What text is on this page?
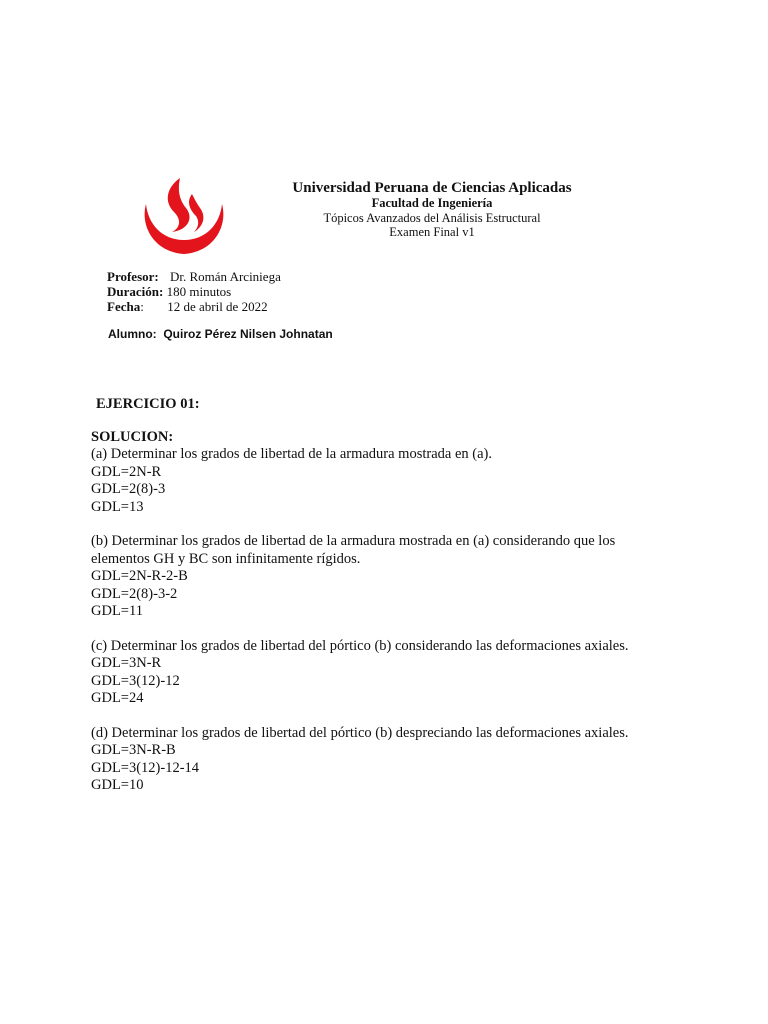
Universidad Peruana de Ciencias Aplicadas
Facultad de Ingeniería
Tópicos Avanzados del Análisis Estructural
Examen Final v1
Profesor: Dr. Román Arciniega
Duración: 180 minutos
Fecha: 12 de abril de 2022
Alumno: Quiroz Pérez Nilsen Johnatan
EJERCICIO 01:
SOLUCION:
(a) Determinar los grados de libertad de la armadura mostrada en (a).
GDL=2N-R
GDL=2(8)-3
GDL=13
(b) Determinar los grados de libertad de la armadura mostrada en (a) considerando que los
elementos GH y BC son infinitamente rígidos.
GDL=2N-R-2-B
GDL=2(8)-3-2
GDL=11
(c) Determinar los grados de libertad del pórtico (b) considerando las deformaciones axiales.
GDL=3N-R
GDL=3(12)-12
GDL=24
(d) Determinar los grados de libertad del pórtico (b) despreciando las deformaciones axiales.
GDL=3N-R-B
GDL=3(12)-12-14
GDL=10
